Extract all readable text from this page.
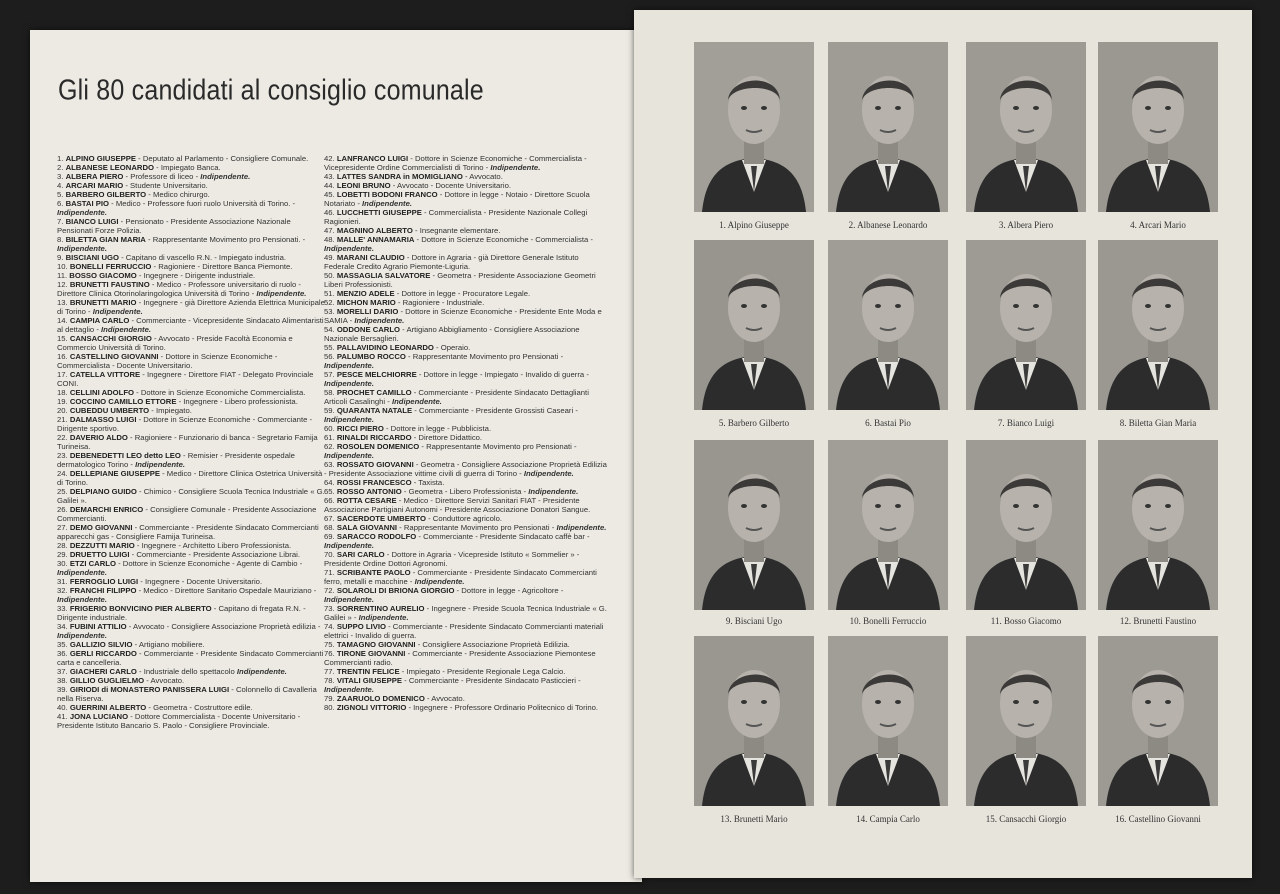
Gli 80 candidati al consiglio comunale

1. ALPINO GIUSEPPE - Deputato al Parlamento - Consigliere Comunale.

2. ALBANESE LEONARDO - Impiegato Banca.

3. ALBERA PIERO - Professore di liceo - Indipendente.

4. ARCARI MARIO - Studente Universitario.

5. BARBERO GILBERTO - Medico chirurgo.

6. BASTAI PIO - Medico - Professore fuori ruolo Università di Torino. - Indipendente.

7. BIANCO LUIGI - Pensionato - Presidente Associazione Nazionale Pensionati Forze Polizia.

8. BILETTA GIAN MARIA - Rappresentante Movimento pro Pensionati. - Indipendente.

9. BISCIANI UGO - Capitano di vascello R.N. - Impiegato industria.

10. BONELLI FERRUCCIO - Ragioniere - Direttore Banca Piemonte.

11. BOSSO GIACOMO - Ingegnere - Dirigente industriale.

12. BRUNETTI FAUSTINO - Medico - Professore universitario di ruolo - Direttore Clinica Otorinolaringologica Università di Torino - Indipendente.

13. BRUNETTI MARIO - Ingegnere - già Direttore Azienda Elettrica Municipale di Torino - Indipendente.

14. CAMPIA CARLO - Commerciante - Vicepresidente Sindacato Alimentaristi al dettaglio - Indipendente.

15. CANSACCHI GIORGIO - Avvocato - Preside Facoltà Economia e Commercio Università di Torino.

16. CASTELLINO GIOVANNI - Dottore in Scienze Economiche - Commercialista - Docente Universitario.

17. CATELLA VITTORE - Ingegnere - Direttore FIAT - Delegato Provinciale CONI.

18. CELLINI ADOLFO - Dottore in Scienze Economiche Commercialista.

19. COCCINO CAMILLO ETTORE - Ingegnere - Libero professionista.

20. CUBEDDU UMBERTO - Impiegato.

21. DALMASSO LUIGI - Dottore in Scienze Economiche - Commerciante - Dirigente sportivo.

22. DAVERIO ALDO - Ragioniere - Funzionario di banca - Segretario Famija Turineisa.

23. DEBENEDETTI LEO detto LEO - Remisier - Presidente ospedale dermatologico Torino - Indipendente.

24. DELLEPIANE GIUSEPPE - Medico - Direttore Clinica Ostetrica Università di Torino.

25. DELPIANO GUIDO - Chimico - Consigliere Scuola Tecnica Industriale « G. Galilei ».

26. DEMARCHI ENRICO - Consigliere Comunale - Presidente Associazione Commercianti.

27. DEMO GIOVANNI - Commerciante - Presidente Sindacato Commercianti apparecchi gas - Consigliere Famija Turineisa.

28. DEZZUTTI MARIO - Ingegnere - Architetto Libero Professionista.

29. DRUETTO LUIGI - Commerciante - Presidente Associazione Librai.

30. ETZI CARLO - Dottore in Scienze Economiche - Agente di Cambio - Indipendente.

31. FERROGLIO LUIGI - Ingegnere - Docente Universitario.

32. FRANCHI FILIPPO - Medico - Direttore Sanitario Ospedale Mauriziano - Indipendente.

33. FRIGERIO BONVICINO PIER ALBERTO - Capitano di fregata R.N. - Dirigente industriale.

34. FUBINI ATTILIO - Avvocato - Consigliere Associazione Proprietà edilizia - Indipendente.

35. GALLIZIO SILVIO - Artigiano mobiliere.

36. GERLI RICCARDO - Commerciante - Presidente Sindacato Commercianti carta e cancelleria.

37. GIACHERI CARLO - Industriale dello spettacolo Indipendente.

38. GILLIO GUGLIELMO - Avvocato.

39. GIRIODI di MONASTERO PANISSERA LUIGI - Colonnello di Cavalleria nella Riserva.

40. GUERRINI ALBERTO - Geometra - Costruttore edile.

41. JONA LUCIANO - Dottore Commercialista - Docente Universitario - Presidente Istituto Bancario S. Paolo - Consigliere Provinciale.

42. LANFRANCO LUIGI - Dottore in Scienze Economiche - Commercialista - Vicepresidente Ordine Commercialisti di Torino - Indipendente.

43. LATTES SANDRA in MOMIGLIANO - Avvocato.

44. LEONI BRUNO - Avvocato - Docente Universitario.

45. LOBETTI BODONI FRANCO - Dottore in legge - Notaio - Direttore Scuola Notariato - Indipendente.

46. LUCCHETTI GIUSEPPE - Commercialista - Presidente Nazionale Collegi Ragionieri.

47. MAGNINO ALBERTO - Insegnante elementare.

48. MALLE' ANNAMARIA - Dottore in Scienze Economiche - Commercialista - Indipendente.

49. MARANI CLAUDIO - Dottore in Agraria - già Direttore Generale Istituto Federale Credito Agrario Piemonte-Liguria.

50. MASSAGLIA SALVATORE - Geometra - Presidente Associazione Geometri Liberi Professionisti.

51. MENZIO ADELE - Dottore in legge - Procuratore Legale.

52. MICHON MARIO - Ragioniere - Industriale.

53. MORELLI DARIO - Dottore in Scienze Economiche - Presidente Ente Moda e SAMIA - Indipendente.

54. ODDONE CARLO - Artigiano Abbigliamento - Consigliere Associazione Nazionale Bersaglieri.

55. PALLAVIDINO LEONARDO - Operaio.

56. PALUMBO ROCCO - Rappresentante Movimento pro Pensionati - Indipendente.

57. PESCE MELCHIORRE - Dottore in legge - Impiegato - Invalido di guerra - Indipendente.

58. PROCHET CAMILLO - Commerciante - Presidente Sindacato Dettaglianti Articoli Casalinghi - Indipendente.

59. QUARANTA NATALE - Commerciante - Presidente Grossisti Caseari - Indipendente.

60. RICCI PIERO - Dottore in legge - Pubblicista.

61. RINALDI RICCARDO - Direttore Didattico.

62. ROSOLEN DOMENICO - Rappresentante Movimento pro Pensionati - Indipendente.

63. ROSSATO GIOVANNI - Geometra - Consigliere Associazione Proprietà Edilizia - Presidente Associazione vittime civili di guerra di Torino - Indipendente.

64. ROSSI FRANCESCO - Taxista.

65. ROSSO ANTONIO - Geometra - Libero Professionista - Indipendente.

66. ROTTA CESARE - Medico - Direttore Servizi Sanitari FIAT - Presidente Associazione Partigiani Autonomi - Presidente Associazione Donatori Sangue.

67. SACERDOTE UMBERTO - Conduttore agricolo.

68. SALA GIOVANNI - Rappresentante Movimento pro Pensionati - Indipendente.

69. SARACCO RODOLFO - Commerciante - Presidente Sindacato caffè bar - Indipendente.

70. SARI CARLO - Dottore in Agraria - Vicepreside Istituto « Sommelier » - Presidente Ordine Dottori Agronomi.

71. SCRIBANTE PAOLO - Commerciante - Presidente Sindacato Commercianti ferro, metalli e macchine - Indipendente.

72. SOLAROLI DI BRIONA GIORGIO - Dottore in legge - Agricoltore - Indipendente.

73. SORRENTINO AURELIO - Ingegnere - Preside Scuola Tecnica Industriale « G. Galilei » - Indipendente.

74. SUPPO LIVIO - Commerciante - Presidente Sindacato Commercianti materiali elettrici - Invalido di guerra.

75. TAMAGNO GIOVANNI - Consigliere Associazione Proprietà Edilizia.

76. TIRONE GIOVANNI - Commerciante - Presidente Associazione Piemontese Commercianti radio.

77. TRENTIN FELICE - Impiegato - Presidente Regionale Lega Calcio.

78. VITALI GIUSEPPE - Commerciante - Presidente Sindacato Pasticcieri - Indipendente.

79. ZAARUOLO DOMENICO - Avvocato.

80. ZIGNOLI VITTORIO - Ingegnere - Professore Ordinario Politecnico di Torino.

1. Alpino Giuseppe	2. Albanese Leonardo	3. Albera Piero	4. Arcari Mario
5. Barbero Gilberto	6. Bastai Pio	7. Bianco Luigi	8. Biletta Gian Maria
9. Bisciani Ugo	10. Bonelli Ferruccio	11. Bosso Giacomo	12. Brunetti Faustino
13. Brunetti Mario	14. Campia Carlo	15. Cansacchi Giorgio	16. Castellino Giovanni
